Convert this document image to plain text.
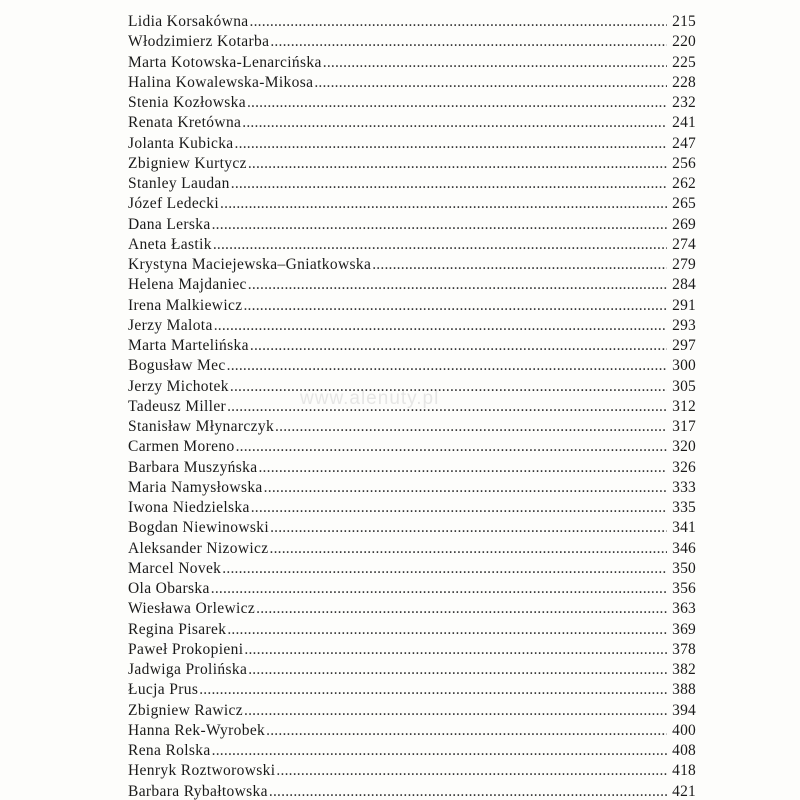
Lidia Korsakówna .....	215
Włodzimierz Kotarba .....	220
Marta Kotowska-Lenarcińska .....	225
Halina Kowalewska-Mikosa .....	228
Stenia Kozłowska .....	232
Renata Kretówna .....	241
Jolanta Kubicka .....	247
Zbigniew Kurtycz .....	256
Stanley Laudan .....	262
Józef Ledecki .....	265
Dana Lerska .....	269
Aneta Łastik .....	274
Krystyna Maciejewska–Gniatkowska .....	279
Helena Majdaniec .....	284
Irena Malkiewicz .....	291
Jerzy Malota .....	293
Marta Martelińska .....	297
Bogusław Mec .....	300
Jerzy Michotek .....	305
Tadeusz Miller .....	312
Stanisław Młynarczyk .....	317
Carmen Moreno .....	320
Barbara Muszyńska .....	326
Maria Namysłowska .....	333
Iwona Niedzielska .....	335
Bogdan Niewinowski .....	341
Aleksander Nizowicz .....	346
Marcel Novek .....	350
Ola Obarska .....	356
Wiesława Orlewicz .....	363
Regina Pisarek .....	369
Paweł Prokopieni .....	378
Jadwiga Prolińska .....	382
Łucja Prus .....	388
Zbigniew Rawicz .....	394
Hanna Rek-Wyrobek .....	400
Rena Rolska .....	408
Henryk Roztworowski .....	418
Barbara Rybałtowska .....	421
www.alenuty.pl
